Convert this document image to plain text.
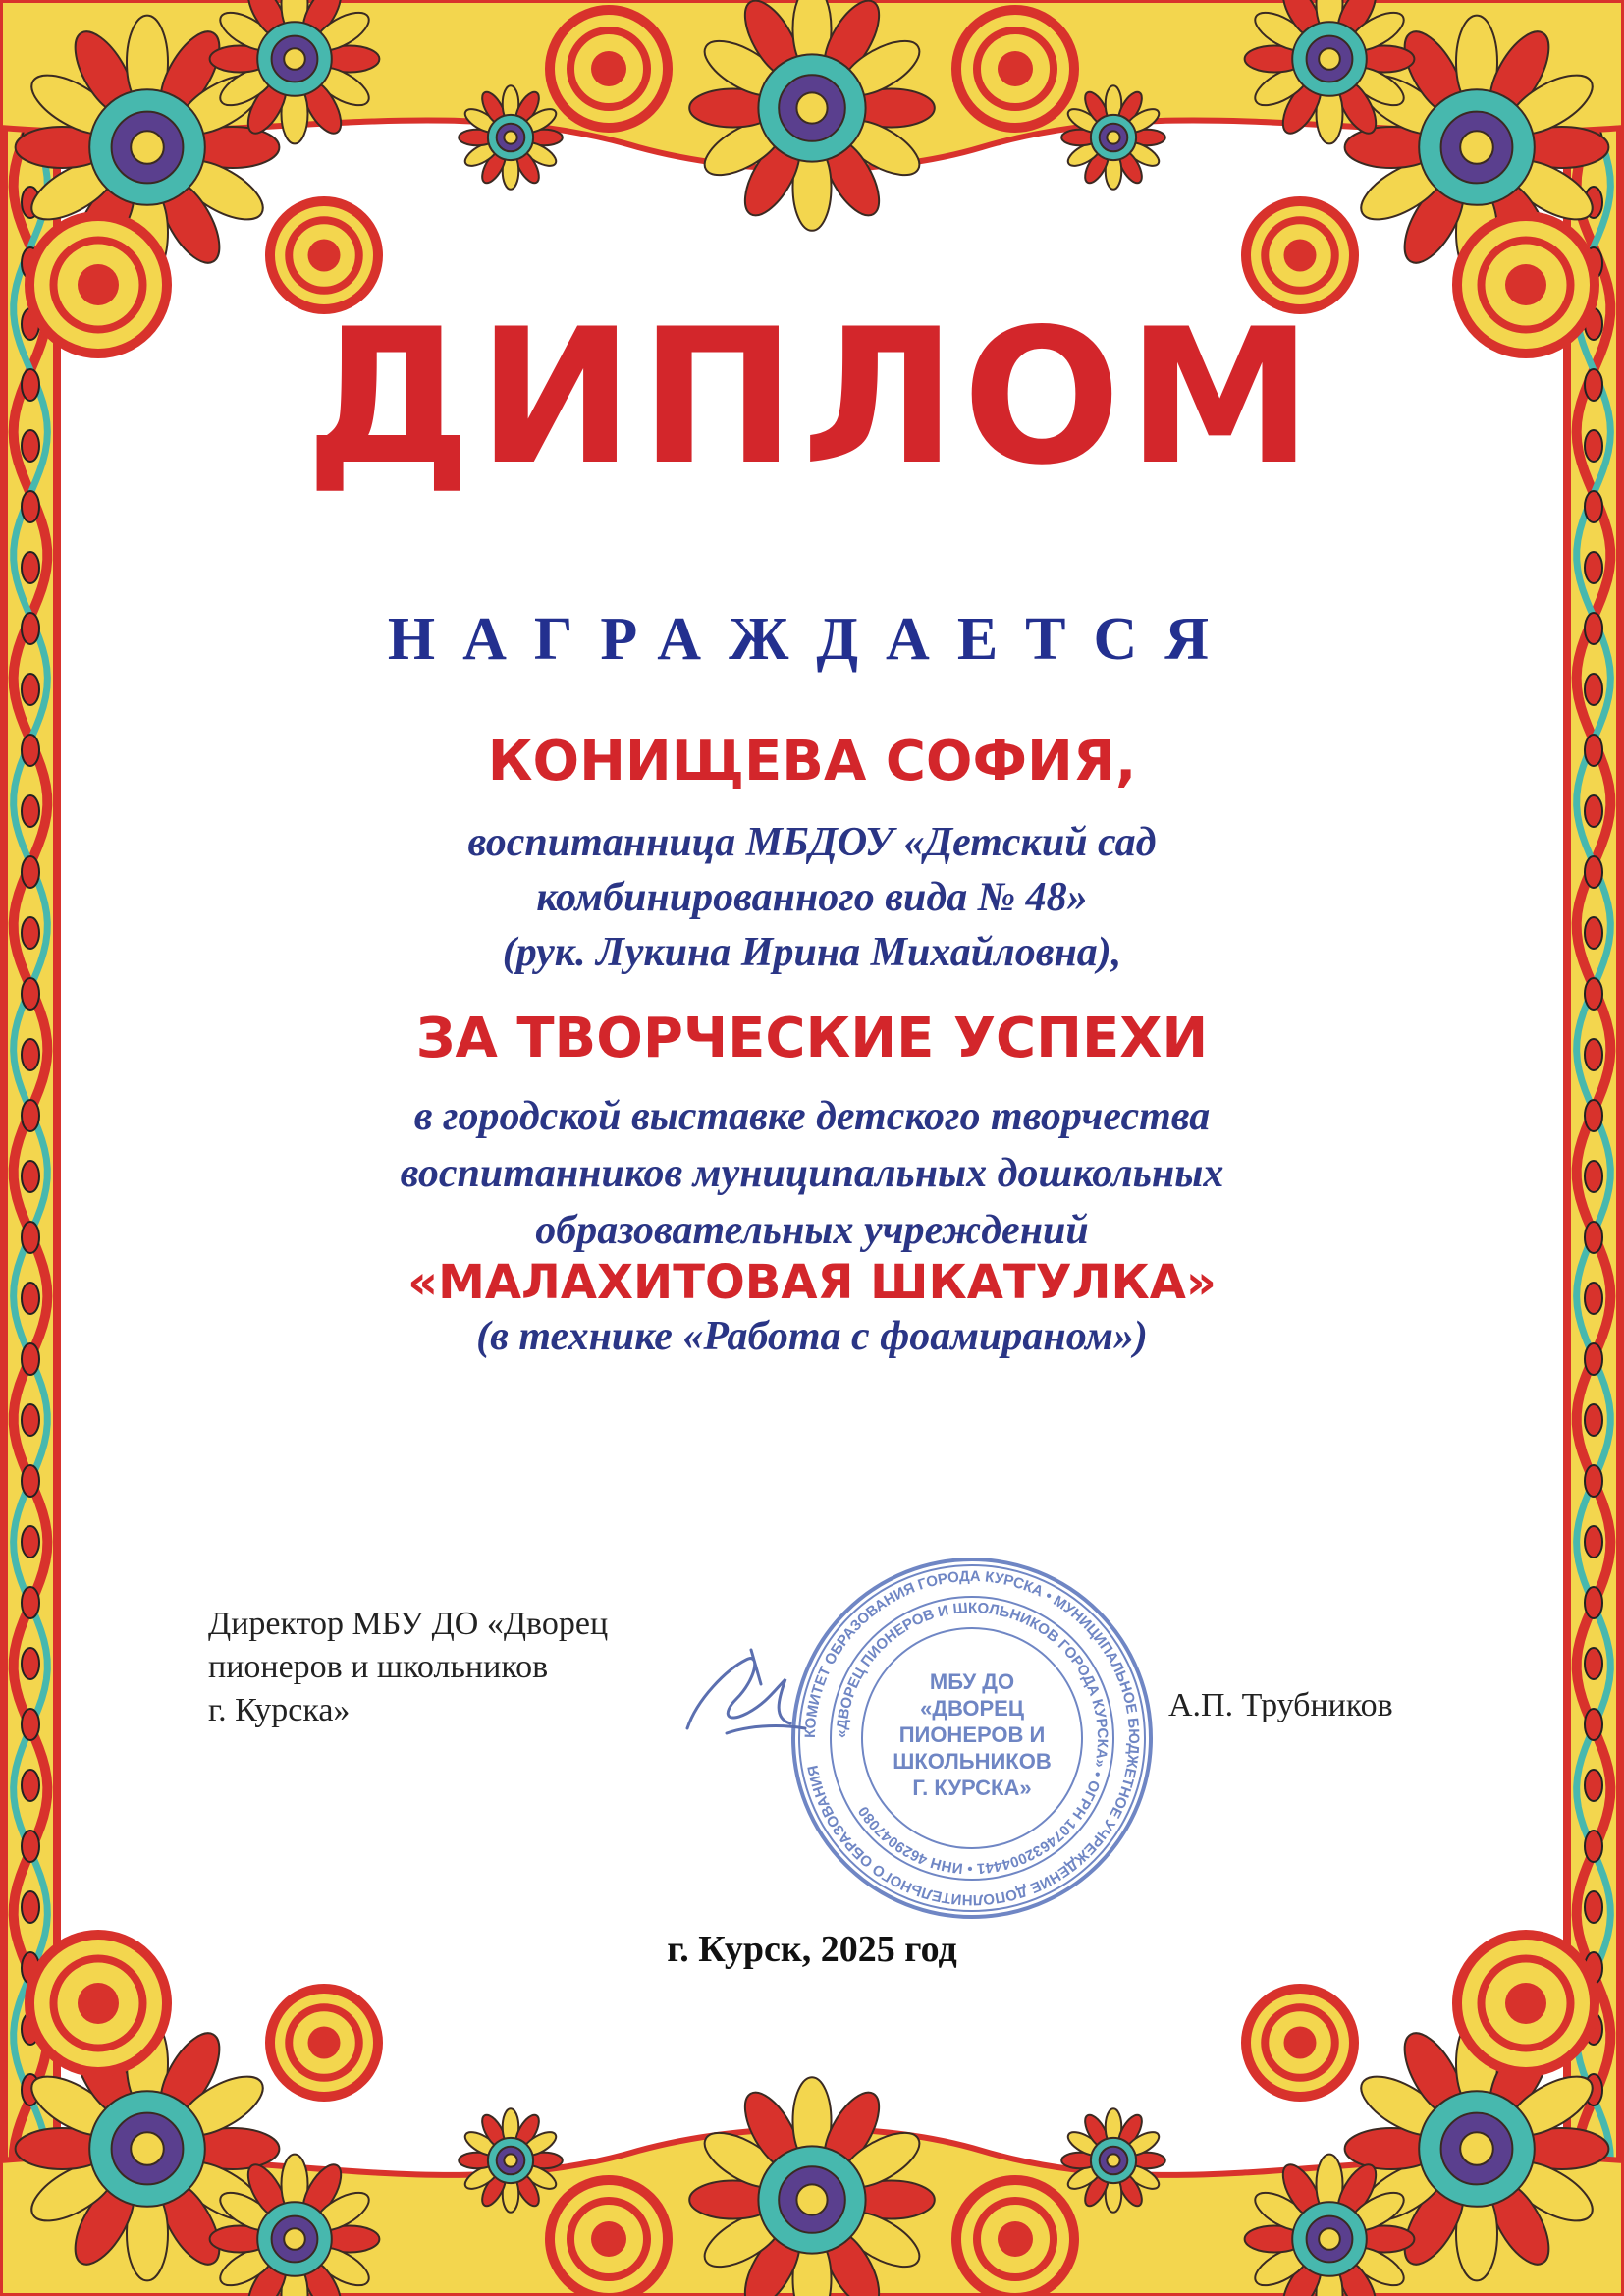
ДИПЛОМ
НАГРАЖДАЕТСЯ
КОНИЩЕВА СОФИЯ,
воспитанница МБДОУ «Детский сад
комбинированного вида № 48»
(рук. Лукина Ирина Михайловна),
ЗА ТВОРЧЕСКИЕ УСПЕХИ
в городской выставке детского творчества
воспитанников муниципальных дошкольных
образовательных учреждений
«МАЛАХИТОВАЯ ШКАТУЛКА»
(в технике «Работа с фоамираном»)
Директор МБУ ДО «Дворец
пионеров и школьников
г. Курска»
КОМИТЕТ ОБРАЗОВАНИЯ ГОРОДА КУРСКА • МУНИЦИПАЛЬНОЕ БЮДЖЕТНОЕ УЧРЕЖДЕНИЕ ДОПОЛНИТЕЛЬНОГО ОБРАЗОВАНИЯ
«ДВОРЕЦ ПИОНЕРОВ И ШКОЛЬНИКОВ ГОРОДА КУРСКА» • ОГРН 1074632004441 • ИНН 4629047080
МБУ ДО
«ДВОРЕЦ
ПИОНЕРОВ И
ШКОЛЬНИКОВ
Г. КУРСКА»
А.П. Трубников
г. Курск, 2025 год
